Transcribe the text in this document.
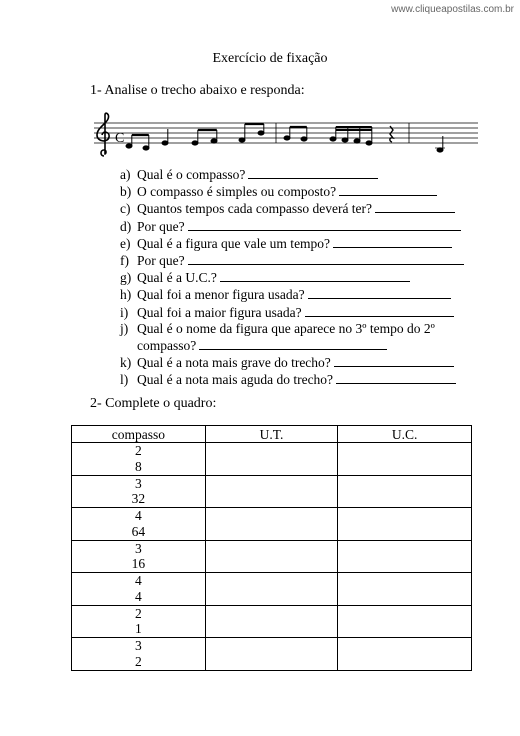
www.cliqueapostilas.com.br
Exercício de fixação
1- Analise o trecho abaixo e responda:
C
a) Qual é o compasso?
b) O compasso é simples ou composto?
c) Quantos tempos cada compasso deverá ter?
d) Por que?
e) Qual é a figura que vale um tempo?
f) Por que?
g) Qual é a U.C.?
h) Qual foi a menor figura usada?
i) Qual foi a maior figura usada?
j) Qual é o nome da figura que aparece no 3º tempo do 2º
compasso?
k) Qual é a nota mais grave do trecho?
l) Qual é a nota mais aguda do trecho?
2- Complete o quadro:
compasso	U.T.	U.C.

2
8		

3
32		

4
64		

3
16		

4
4		

2
1		

3
2		
